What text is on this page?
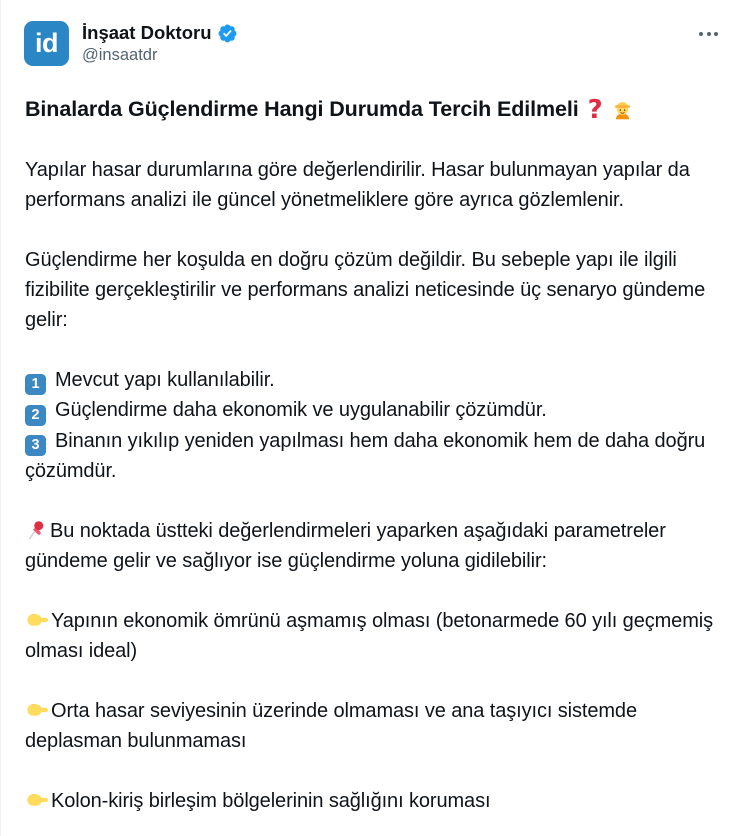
id	İnşaat Doktoru
@insaatdr
Binalarda Güçlendirme Hangi Durumda Tercih Edilmeli ?
Yapılar hasar durumlarına göre değerlendirilir. Hasar bulunmayan yapılar da performans analizi ile güncel yönetmeliklere göre ayrıca gözlemlenir.
Güçlendirme her koşulda en doğru çözüm değildir. Bu sebeple yapı ile ilgili fizibilite gerçekleştirilir ve performans analizi neticesinde üç senaryo gündeme gelir:
1 Mevcut yapı kullanılabilir.
2 Güçlendirme daha ekonomik ve uygulanabilir çözümdür.
3 Binanın yıkılıp yeniden yapılması hem daha ekonomik hem de daha doğru çözümdür.
Bu noktada üstteki değerlendirmeleri yaparken aşağıdaki parametreler gündeme gelir ve sağlıyor ise güçlendirme yoluna gidilebilir:
Yapının ekonomik ömrünü aşmamış olması (betonarmede 60 yılı geçmemiş olması ideal)
Orta hasar seviyesinin üzerinde olmaması ve ana taşıyıcı sistemde deplasman bulunmaması
Kolon-kiriş birleşim bölgelerinin sağlığını koruması
